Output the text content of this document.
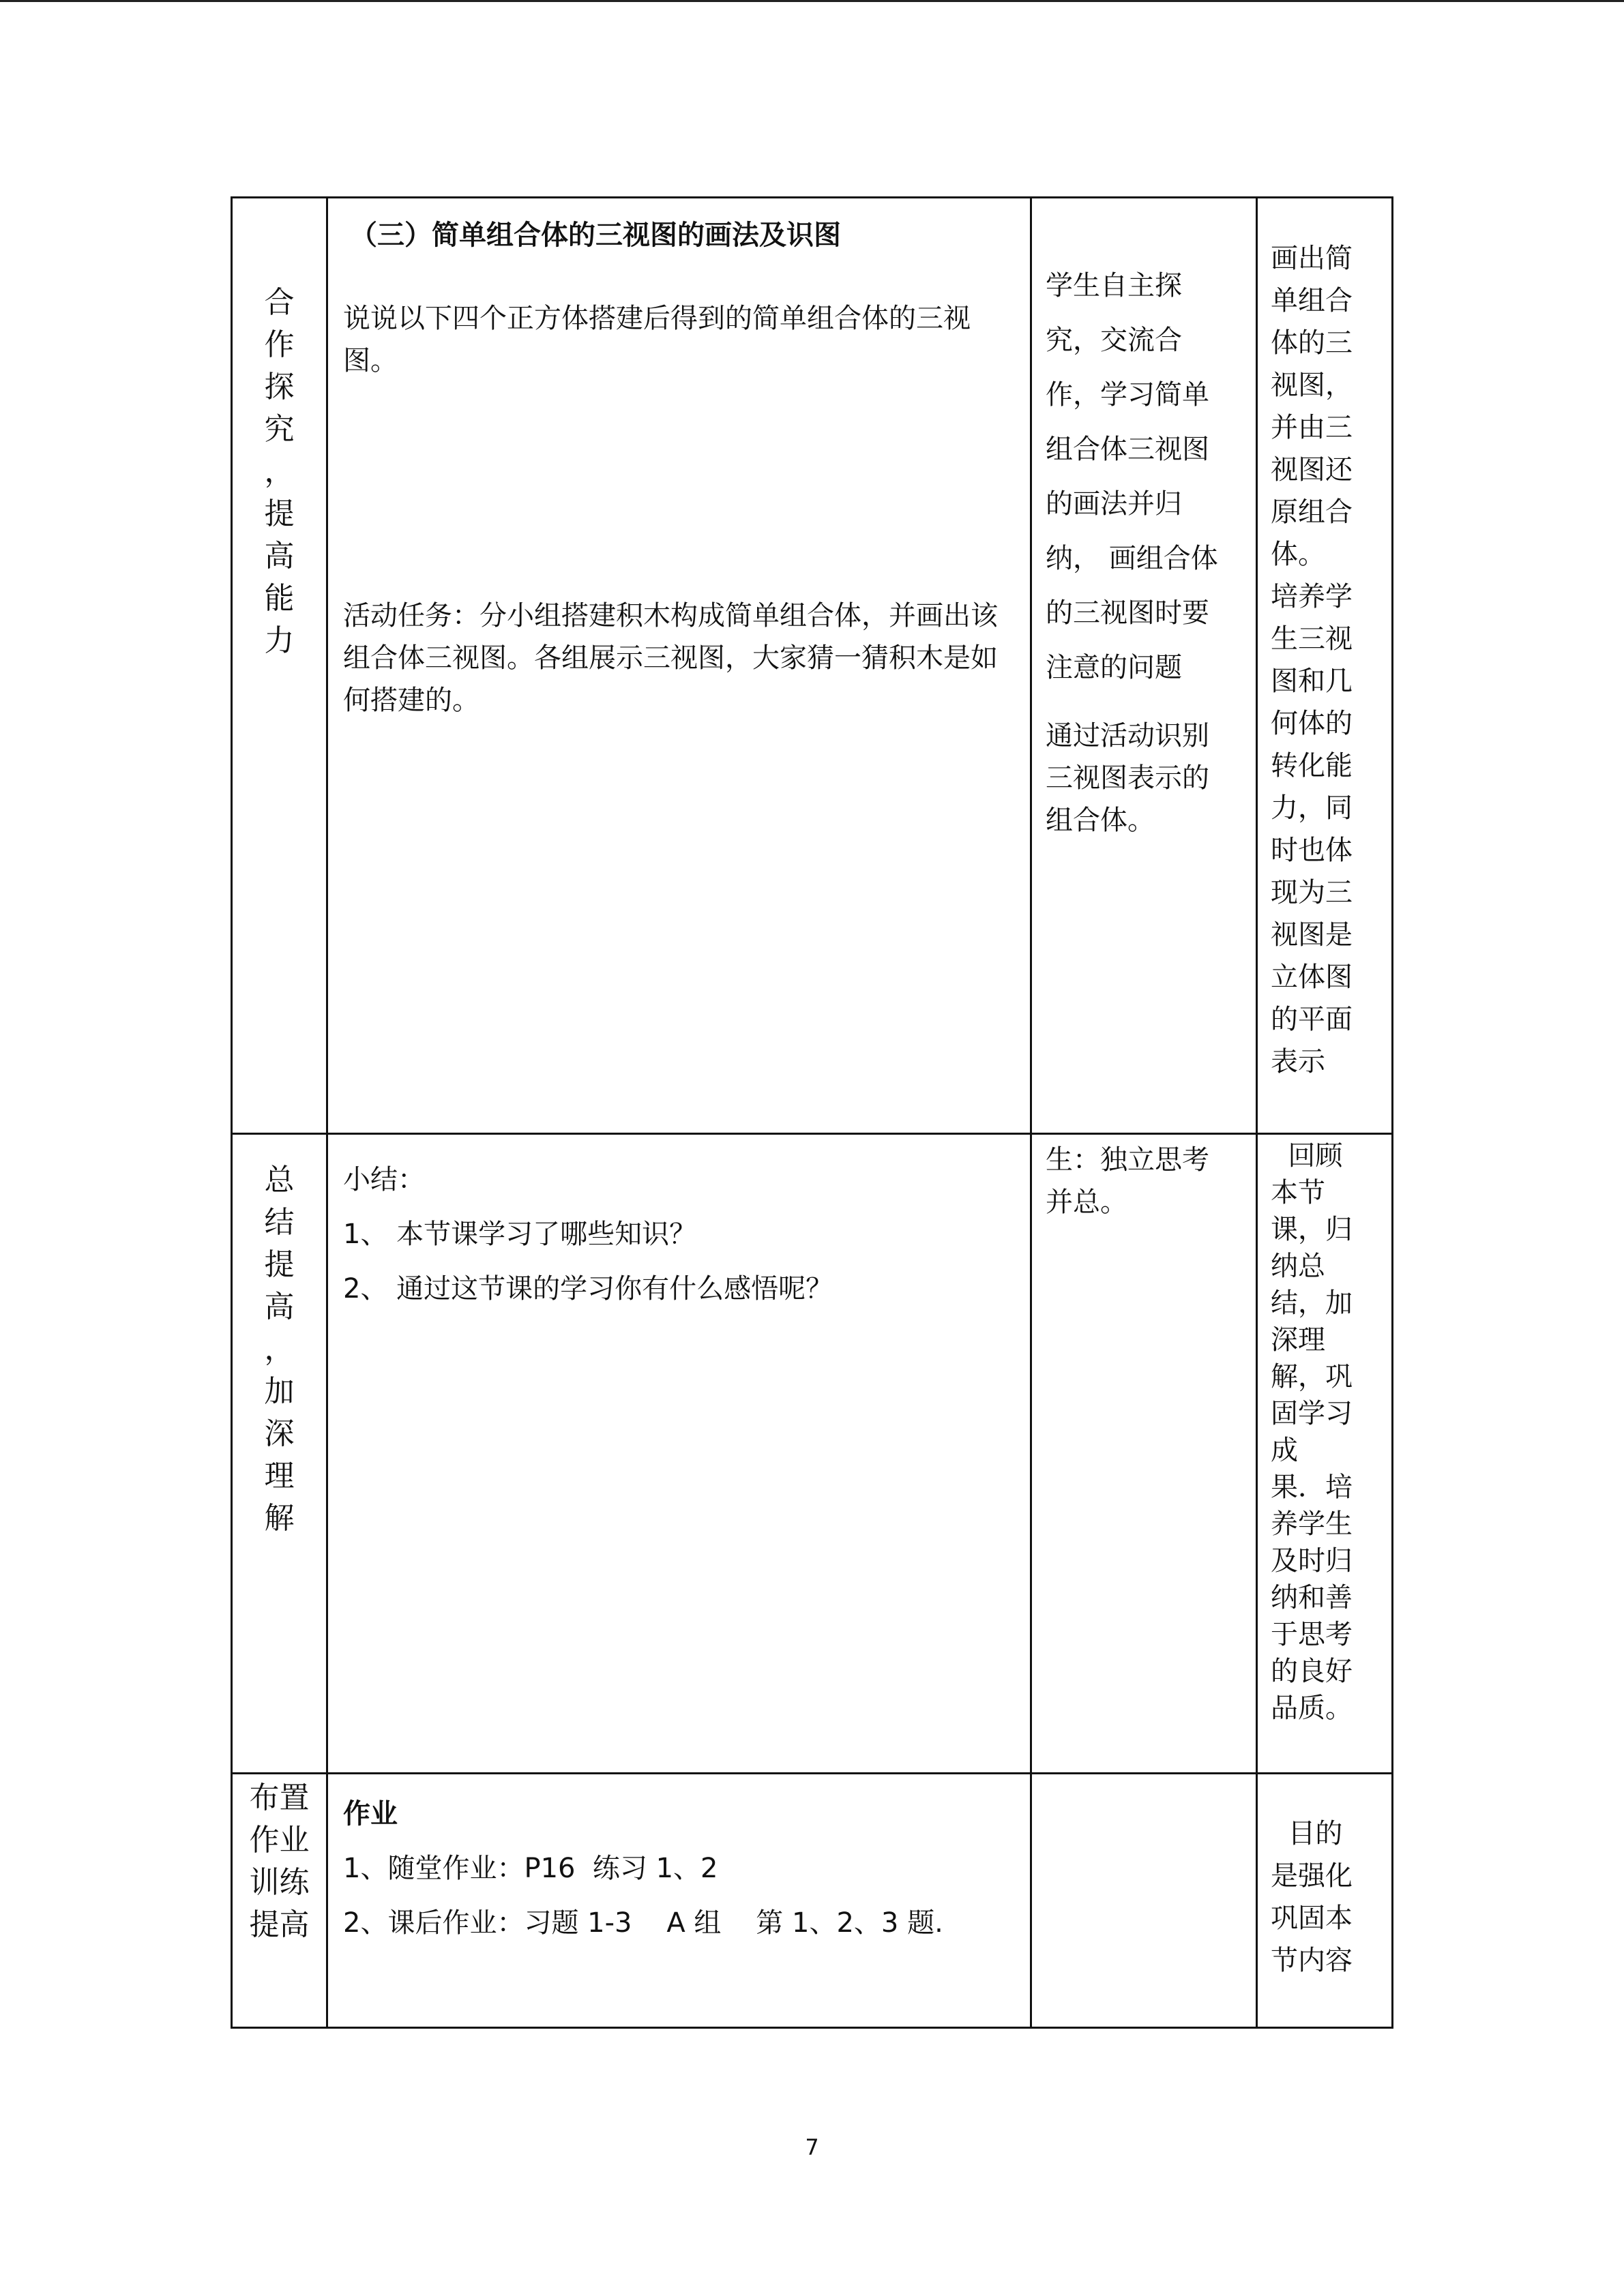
合
作
探
究
，
提
高
能
力

（三）简单组合体的三视图的画法及识图

说说以下四个正方体搭建后得到的简单组合体的三视图。

活动任务：分小组搭建积木构成简单组合体，并画出该组合体三视图。各组展示三视图，大家猜一猜积木是如何搭建的。

学生自主探

究，交流合

作，学习简单

组合体三视图

的画法并归

纳， 画组合体

的三视图时要

注意的问题

通过活动识别

三视图表示的

组合体。

画出简

单组合

体的三

视图，

并由三

视图还

原组合

体。

培养学

生三视

图和几

何体的

转化能

力，同

时也体

现为三

视图是

立体图

的平面

表示

总
结
提
高
，
加
深
理
解

小结：

1、 本节课学习了哪些知识？

2、 通过这节课的学习你有什么感悟呢？

生：独立思考

并总。

回顾

本节

课，归

纳总

结，加

深理

解，巩

固学习

成

果．培

养学生

及时归

纳和善

于思考

的良好

品质。

布置
作业
训练
提高

作业

1、随堂作业：P16  练习 1、2

2、课后作业：习题 1-3    A 组    第 1、2、3 题.

目的

是强化

巩固本

节内容

7
